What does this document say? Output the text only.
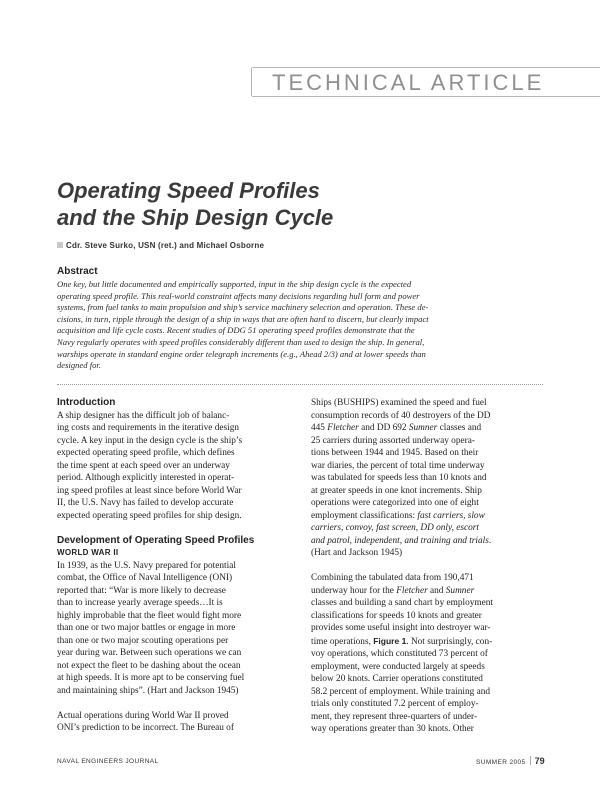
TECHNICAL ARTICLE
Operating Speed Profiles
and the Ship Design Cycle
Cdr. Steve Surko, USN (ret.) and Michael Osborne
Abstract
One key, but little documented and empirically supported, input in the ship design cycle is the expected
operating speed profile. This real-world constraint affects many decisions regarding hull form and power
systems, from fuel tanks to main propulsion and ship’s service machinery selection and operation. These de-
cisions, in turn, ripple through the design of a ship in ways that are often hard to discern, but clearly impact
acquisition and life cycle costs. Recent studies of DDG 51 operating speed profiles demonstrate that the
Navy regularly operates with speed profiles considerably different than used to design the ship. In general,
warships operate in standard engine order telegraph increments (e.g., Ahead 2/3) and at lower speeds than
designed for.
Introduction
A ship designer has the difficult job of balanc-
ing costs and requirements in the iterative design
cycle. A key input in the design cycle is the ship’s
expected operating speed profile, which defines
the time spent at each speed over an underway
period. Although explicitly interested in operat-
ing speed profiles at least since before World War
II, the U.S. Navy has failed to develop accurate
expected operating speed profiles for ship design.
Development of Operating Speed Profiles
WORLD WAR II
In 1939, as the U.S. Navy prepared for potential
combat, the Office of Naval Intelligence (ONI)
reported that: “War is more likely to decrease
than to increase yearly average speeds…It is
highly improbable that the fleet would fight more
than one or two major battles or engage in more
than one or two major scouting operations per
year during war. Between such operations we can
not expect the fleet to be dashing about the ocean
at high speeds. It is more apt to be conserving fuel
and maintaining ships”. (Hart and Jackson 1945)
Actual operations during World War II proved
ONI’s prediction to be incorrect. The Bureau of
Ships (BUSHIPS) examined the speed and fuel
consumption records of 40 destroyers of the DD
445 Fletcher and DD 692 Sumner classes and
25 carriers during assorted underway opera-
tions between 1944 and 1945. Based on their
war diaries, the percent of total time underway
was tabulated for speeds less than 10 knots and
at greater speeds in one knot increments. Ship
operations were categorized into one of eight
employment classifications: fast carriers, slow
carriers, convoy, fast screen, DD only, escort
and patrol, independent, and training and trials.
(Hart and Jackson 1945)
Combining the tabulated data from 190,471
underway hour for the Fletcher and Sumner
classes and building a sand chart by employment
classifications for speeds 10 knots and greater
provides some useful insight into destroyer war-
time operations, Figure 1. Not surprisingly, con-
voy operations, which constituted 73 percent of
employment, were conducted largely at speeds
below 20 knots. Carrier operations constituted
58.2 percent of employment. While training and
trials only constituted 7.2 percent of employ-
ment, they represent three-quarters of under-
way operations greater than 30 knots. Other
NAVAL ENGINEERS JOURNAL	SUMMER 2005 79
